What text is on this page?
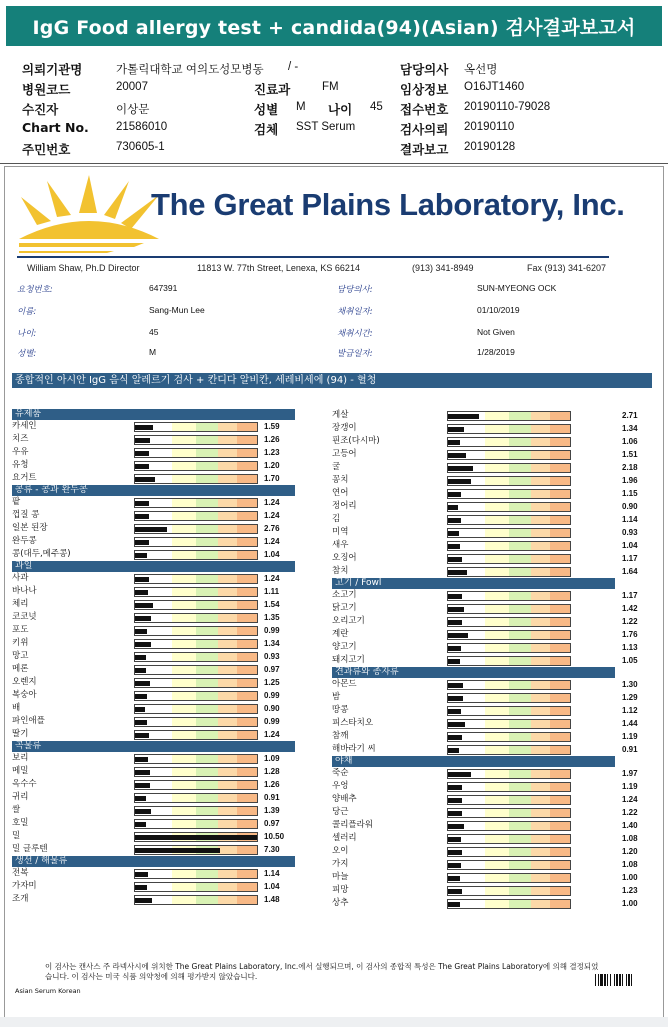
IgG Food allergy test + candida(94)(Asian) 검사결과보고서
의뢰기관명	가톨릭대학교 여의도성모병동
병원코드	20007
수진자	이상문
Chart No. 21586010
주민번호	730605-1
/ -
진료과	FM
성별 M 나이 45
검체 SST Serum
담당의사 옥선명
임상정보 O16JT1460
접수번호 20190110-79028
검사의뢰 20190110
결과보고 20190128
The Great Plains Laboratory, Inc.
William Shaw, Ph.D Director	11813 W. 77th Street, Lenexa, KS 66214	(913) 341-8949	Fax (913) 341-6207
요청번호:	647391
이름:	Sang-Mun Lee
나이:	45
성별:	M
담당의사:	SUN-MYEONG OCK
채취일자:	01/10/2019
채취시간:	Not Given
발급일자:	1/28/2019
종합적인 아시안 IgG 음식 알레르기 검사 + 칸디다 알비칸, 세레비세에 (94) - 혈청
유제품
카세인	1.59
치즈	1.26
우유	1.23
유청	1.20
요거트	1.70
콩류 - 콩과 완두콩
팥	1.24
껍질 콩	1.24
일본 된장	2.76
완두콩	1.24
콩(대두,메주콩)	1.04
과일
사과	1.24
바나나	1.11
체리	1.54
코코넛	1.35
포도	0.99
키위	1.34
망고	0.93
메론	0.97
오렌지	1.25
복숭아	0.99
배	0.90
파인애플	0.99
딸기	1.24
곡물류
보리	1.09
메밀	1.28
옥수수	1.26
귀리	0.91
쌀	1.39
호밀	0.97
밀	10.50
밀 글루텐	7.30
생선 / 해물류
전복	1.14
가자미	1.04
조개	1.48
게살	2.71
장갱이	1.34
핀조(다시마)	1.06
고등어	1.51
굴	2.18
꽁치	1.96
연어	1.15
정어리	0.90
김	1.14
미역	0.93
새우	1.04
오징어	1.17
참치	1.64
고기 / Fowl
소고기	1.17
닭고기	1.42
오리고기	1.22
계란	1.76
양고기	1.13
돼지고기	1.05
견과류와 종자류
아몬드	1.30
밤	1.29
땅콩	1.12
피스타치오	1.44
참깨	1.19
해바라기 씨	0.91
야채
죽순	1.97
우엉	1.19
양배추	1.24
당근	1.22
콜리플라워	1.40
셀러리	1.08
오이	1.20
가지	1.08
마늘	1.00
피망	1.23
상추	1.00
이 검사는 캔사스 주 라넥사시에 위치한 The Great Plains Laboratory, Inc.에서 실행되므며, 이 검사의 종합적 특성은 The Great Plains Laboratory에 의해 결정되었습니다. 이 검사는 미국 식품 의약청에 의해 평가받지 않았습니다.
Asian Serum Korean
